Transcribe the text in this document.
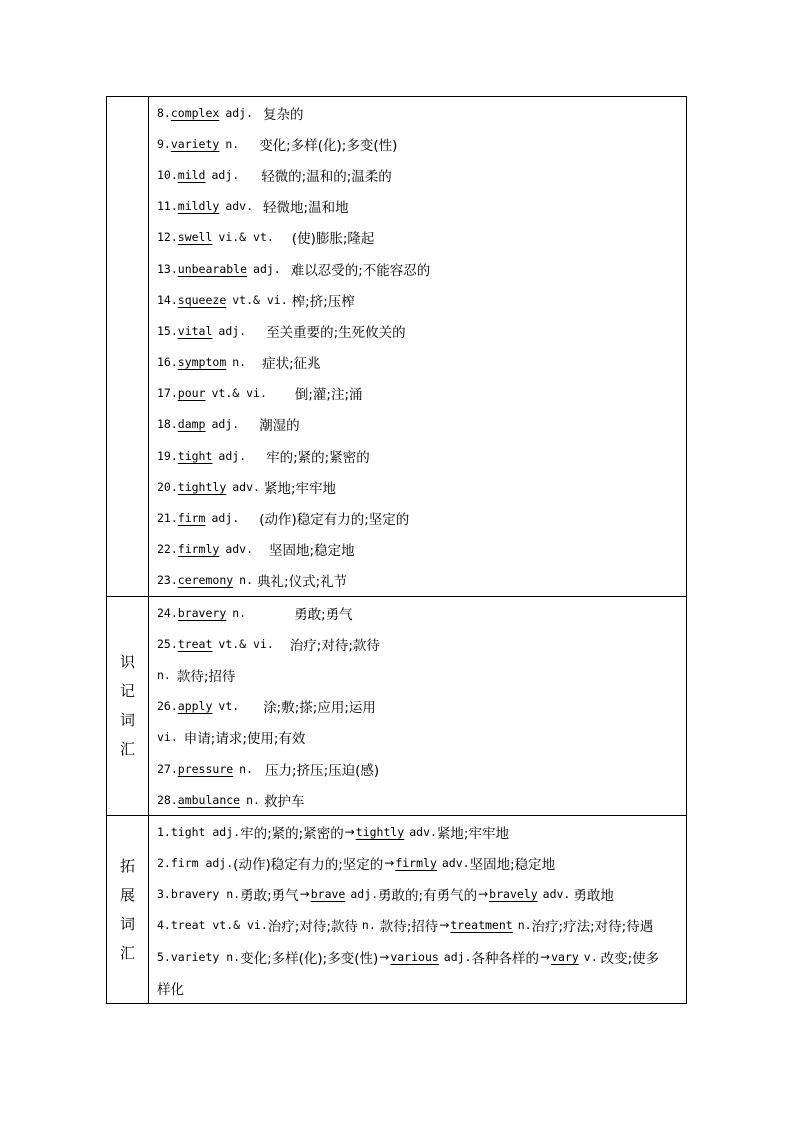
8. complex adj. 复杂的
9. variety n. 变化;多样(化);多变(性)
10. mild adj. 轻微的;温和的;温柔的
11. mildly adv. 轻微地;温和地
12. swell vi.& vt. (使)膨胀;隆起
13. unbearable adj. 难以忍受的;不能容忍的
14. squeeze vt.& vi. 榨;挤;压榨
15. vital adj. 至关重要的;生死攸关的
16. symptom n. 症状;征兆
17. pour vt.& vi. 倒;灌;注;涌
18. damp adj. 潮湿的
19. tight adj. 牢的;紧的;紧密的
20. tightly adv. 紧地;牢牢地
21. firm adj. (动作)稳定有力的;坚定的
22. firmly adv. 坚固地;稳定地
23. ceremony n. 典礼;仪式;礼节
识记词汇
24. bravery n.	勇敢;勇气
25. treat vt.& vi. 治疗;对待;款待
n. 款待;招待
26. apply vt. 涂;敷;搽;应用;运用
vi. 申请;请求;使用;有效
27. pressure n. 压力;挤压;压迫(感)
28. ambulance n. 救护车
拓展词汇
1.tight adj. 牢的;紧的;紧密的 → tightly adv. 紧地;牢牢地
2.firm adj. (动作)稳定有力的;坚定的 → firmly adv. 坚固地;稳定地
3.bravery n. 勇敢;勇气 → brave adj. 勇敢的;有勇气的 → bravely adv. 勇敢地
4.treat vt.& vi. 治疗;对待;款待 n. 款待;招待 → treatment n. 治疗;疗法;对待;待遇
5.variety n. 变化;多样(化);多变(性) → various adj. 各种各样的 → vary v. 改变;使多
样化
